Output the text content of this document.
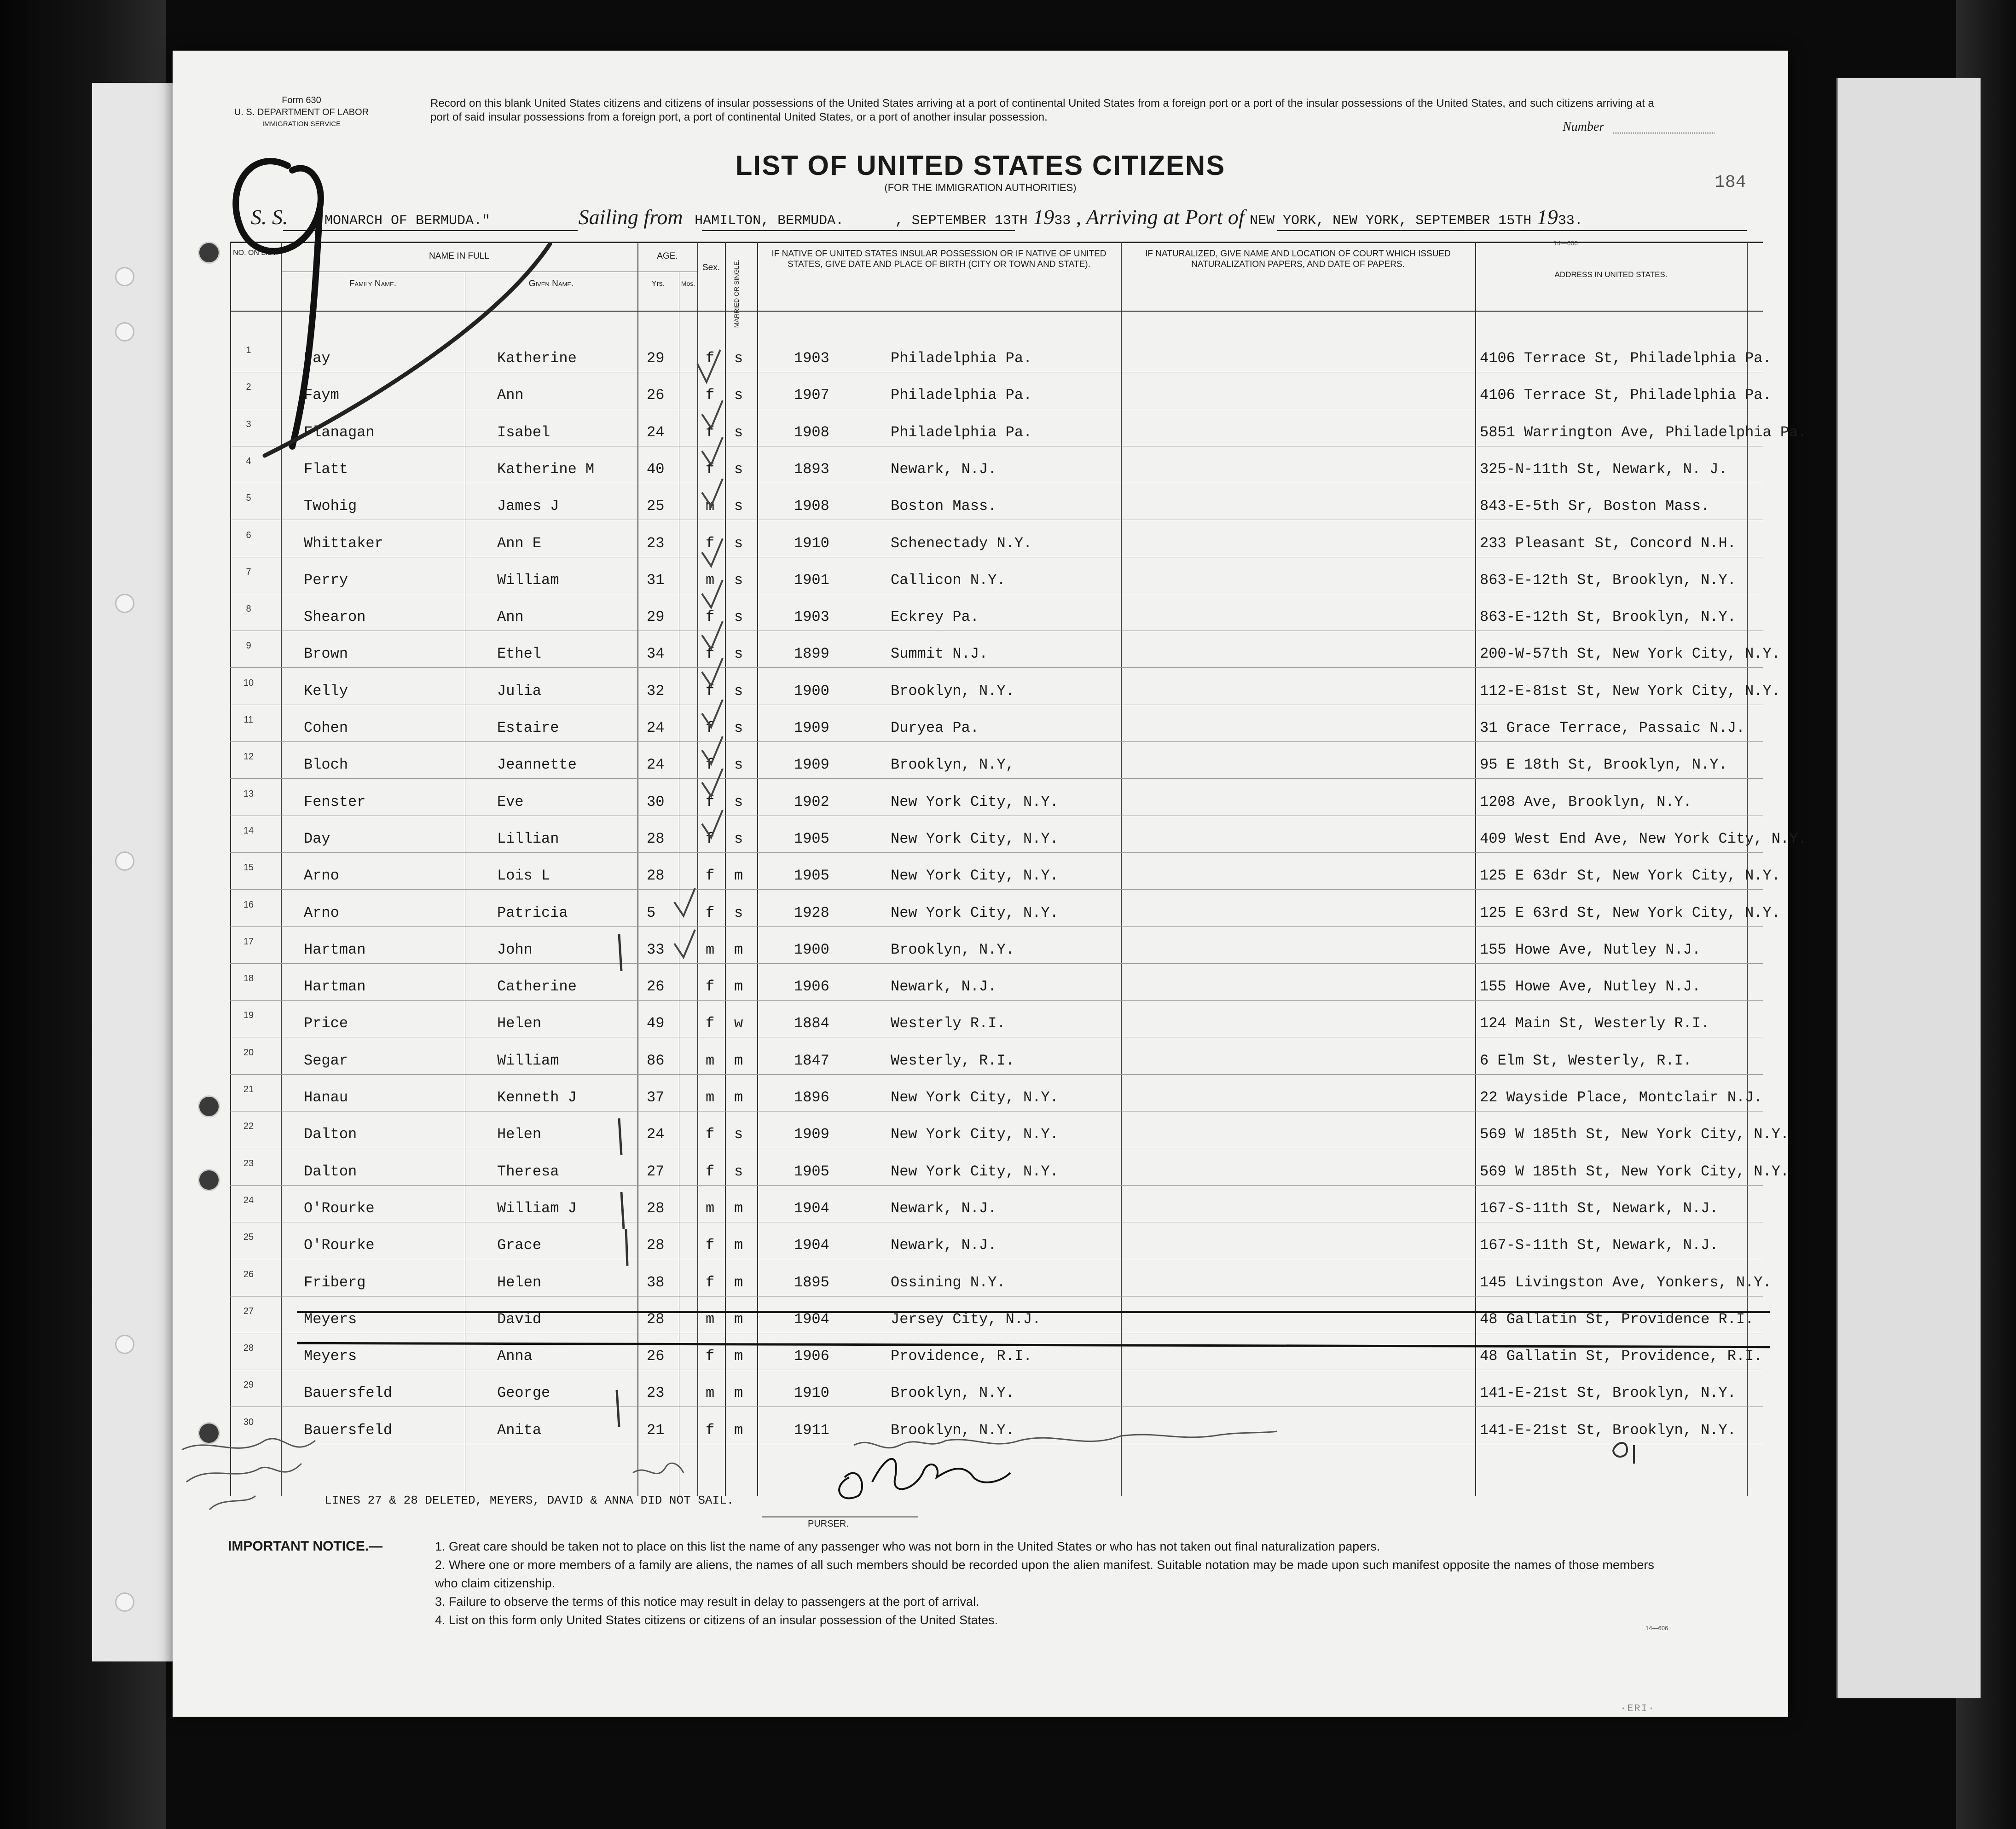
Form 630
U. S. DEPARTMENT OF LABOR
IMMIGRATION SERVICE
Record on this blank United States citizens and citizens of insular possessions of the United States arriving at a port of continental United States from a foreign port or a port of the insular possessions of the United States, and such citizens arriving at a port of said insular possessions from a foreign port, a port of continental United States, or a port of another insular possession.
Number
LIST OF UNITED STATES CITIZENS
(FOR THE IMMIGRATION AUTHORITIES)	184
S. S. "MONARCH OF BERMUDA."	Sailing from HAMILTON, BERMUDA.	, SEPTEMBER 13TH 1933 , Arriving at Port of NEW YORK, NEW YORK, SEPTEMBER 15TH 1933.
14—606
NO. ON LIST.	NAME IN FULL
Family Name.	Given Name.
AGE.
Yrs.	Mos.
Sex.	MARRIED OR SINGLE.
IF NATIVE OF UNITED STATES INSULAR POSSESSION OR IF NATIVE OF UNITED STATES, GIVE DATE AND PLACE OF BIRTH (CITY OR TOWN AND STATE).
IF NATURALIZED, GIVE NAME AND LOCATION OF COURT WHICH ISSUED NATURALIZATION PAPERS, AND DATE OF PAPERS.
ADDRESS IN UNITED STATES.
1	Fay	Katherine	29	f s	1903	Philadelphia Pa.	4106 Terrace St, Philadelphia Pa.
2	Faym	Ann	26	f s	1907	Philadelphia Pa.	4106 Terrace St, Philadelphia Pa.
3	Flanagan	Isabel	24	f s	1908	Philadelphia Pa.	5851 Warrington Ave, Philadelphia Pa.
4	Flatt	Katherine M	40	f s	1893	Newark, N.J.	325-N-11th St, Newark, N. J.
5	Twohig	James J	25	m s	1908	Boston Mass.	843-E-5th Sr, Boston Mass.
6	Whittaker	Ann E	23	f s	1910	Schenectady N.Y.	233 Pleasant St, Concord N.H.
7	Perry	William	31	m s	1901	Callicon N.Y.	863-E-12th St, Brooklyn, N.Y.
8	Shearon	Ann	29	f s	1903	Eckrey Pa.	863-E-12th St, Brooklyn, N.Y.
9	Brown	Ethel	34	f s	1899	Summit N.J.	200-W-57th St, New York City, N.Y.
10	Kelly	Julia	32	f s	1900	Brooklyn, N.Y.	112-E-81st St, New York City, N.Y.
11	Cohen	Estaire	24	f s	1909	Duryea Pa.	31 Grace Terrace, Passaic N.J.
12	Bloch	Jeannette	24	f s	1909	Brooklyn, N.Y,	95 E 18th St, Brooklyn, N.Y.
13	Fenster	Eve	30	f s	1902	New York City, N.Y.	1208 Ave, Brooklyn, N.Y.
14	Day	Lillian	28	f s	1905	New York City, N.Y.	409 West End Ave, New York City, N.Y.
15	Arno	Lois L	28	f m	1905	New York City, N.Y.	125 E 63dr St, New York City, N.Y.
16	Arno	Patricia	5	f s	1928	New York City, N.Y.	125 E 63rd St, New York City, N.Y.
17	Hartman	John	33	m m	1900	Brooklyn, N.Y.	155 Howe Ave, Nutley N.J.
18	Hartman	Catherine	26	f m	1906	Newark, N.J.	155 Howe Ave, Nutley N.J.
19	Price	Helen	49	f w	1884	Westerly R.I.	124 Main St, Westerly R.I.
20	Segar	William	86	m m	1847	Westerly, R.I.	6 Elm St, Westerly, R.I.
21	Hanau	Kenneth J	37	m m	1896	New York City, N.Y.	22 Wayside Place, Montclair N.J.
22	Dalton	Helen	24	f s	1909	New York City, N.Y.	569 W 185th St, New York City, N.Y.
23	Dalton	Theresa	27	f s	1905	New York City, N.Y.	569 W 185th St, New York City, N.Y.
24	O'Rourke	William J	28	m m	1904	Newark, N.J.	167-S-11th St, Newark, N.J.
25	O'Rourke	Grace	28	f m	1904	Newark, N.J.	167-S-11th St, Newark, N.J.
26	Friberg	Helen	38	f m	1895	Ossining N.Y.	145 Livingston Ave, Yonkers, N.Y.
27	Meyers	David	28	m m	1904	Jersey City, N.J.	48 Gallatin St, Providence R.I.
28	Meyers	Anna	26	f m	1906	Providence, R.I.	48 Gallatin St, Providence, R.I.
29	Bauersfeld	George	23	m m	1910	Brooklyn, N.Y.	141-E-21st St, Brooklyn, N.Y.
30	Bauersfeld	Anita	21	f m	1911	Brooklyn, N.Y.	141-E-21st St, Brooklyn, N.Y.
LINES 27 & 28 DELETED, MEYERS, DAVID & ANNA DID NOT SAIL.
PURSER.
IMPORTANT NOTICE.—	1. Great care should be taken not to place on this list the name of any passenger who was not born in the United States or who has not taken out final naturalization papers.
2. Where one or more members of a family are aliens, the names of all such members should be recorded upon the alien manifest. Suitable notation may be made upon such manifest opposite the names of those members who claim citizenship.
3. Failure to observe the terms of this notice may result in delay to passengers at the port of arrival.
4. List on this form only United States citizens or citizens of an insular possession of the United States.
14—606
·ERI·
